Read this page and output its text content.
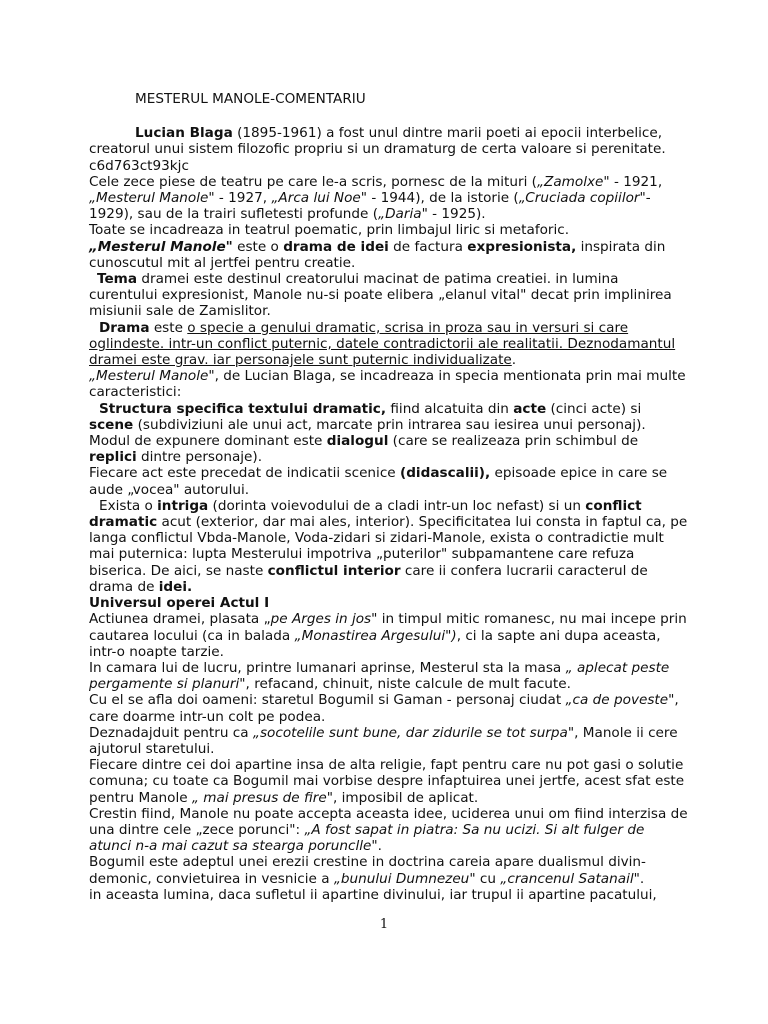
MESTERUL MANOLE-COMENTARIU

Lucian Blaga (1895-1961) a fost unul dintre marii poeti ai epocii interbelice, creatorul unui sistem filozofic propriu si un dramaturg de certa valoare si perenitate.

c6d763ct93kjc

Cele zece piese de teatru pe care le-a scris, pornesc de la mituri („Zamolxe" - 1921, „Mesterul Manole" - 1927, „Arca lui Noe" - 1944), de la istorie („Cruciada copiilor"- 1929), sau de la trairi sufletesti profunde („Daria" - 1925).

Toate se incadreaza in teatrul poematic, prin limbajul liric si metaforic.

„Mesterul Manole" este o drama de idei de factura expresionista, inspirata din cunoscutul mit al jertfei pentru creatie.

Tema dramei este destinul creatorului macinat de patima creatiei. in lumina curentului expresionist, Manole nu-si poate elibera „elanul vital" decat prin implinirea misiunii sale de Zamislitor.

Drama este o specie a genului dramatic, scrisa in proza sau in versuri si care oglindeste. intr-un conflict puternic, datele contradictorii ale realitatii. Deznodamantul dramei este grav. iar personajele sunt puternic individualizate.

„Mesterul Manole", de Lucian Blaga, se incadreaza in specia mentionata prin mai multe caracteristici:

Structura specifica textului dramatic, fiind alcatuita din acte (cinci acte) si scene (subdiviziuni ale unui act, marcate prin intrarea sau iesirea unui personaj).

Modul de expunere dominant este dialogul (care se realizeaza prin schimbul de replici dintre personaje).

Fiecare act este precedat de indicatii scenice (didascalii), episoade epice in care se aude „vocea" autorului.

Exista o intriga (dorinta voievodului de a cladi intr-un loc nefast) si un conflict dramatic acut (exterior, dar mai ales, interior). Specificitatea lui consta in faptul ca, pe langa conflictul Vbda-Manole, Voda-zidari si zidari-Manole, exista o contradictie mult mai puternica: lupta Mesterului impotriva „puterilor" subpamantene care refuza biserica. De aici, se naste conflictul interior care ii confera lucrarii caracterul de drama de idei.

Universul operei Actul I

Actiunea dramei, plasata „pe Arges in jos" in timpul mitic romanesc, nu mai incepe prin cautarea locului (ca in balada „Monastirea Argesului"), ci la sapte ani dupa aceasta, intr-o noapte tarzie.

In camara lui de lucru, printre lumanari aprinse, Mesterul sta la masa „ aplecat peste pergamente si planuri", refacand, chinuit, niste calcule de mult facute.

Cu el se afla doi oameni: staretul Bogumil si Gaman - personaj ciudat „ca de poveste", care doarme intr-un colt pe podea.

Deznadajduit pentru ca „socotelile sunt bune, dar zidurile se tot surpa", Manole ii cere ajutorul staretului.

Fiecare dintre cei doi apartine insa de alta religie, fapt pentru care nu pot gasi o solutie comuna; cu toate ca Bogumil mai vorbise despre infaptuirea unei jertfe, acest sfat este pentru Manole „ mai presus de fire", imposibil de aplicat.

Crestin fiind, Manole nu poate accepta aceasta idee, uciderea unui om fiind interzisa de una dintre cele „zece porunci": „A fost sapat in piatra: Sa nu ucizi. Si alt fulger de atunci n-a mai cazut sa stearga porunclle".

Bogumil este adeptul unei erezii crestine in doctrina careia apare dualismul divin-demonic, convietuirea in vesnicie a „bunului Dumnezeu" cu „crancenul Satanail".

in aceasta lumina, daca sufletul ii apartine divinului, iar trupul ii apartine pacatului,

1
